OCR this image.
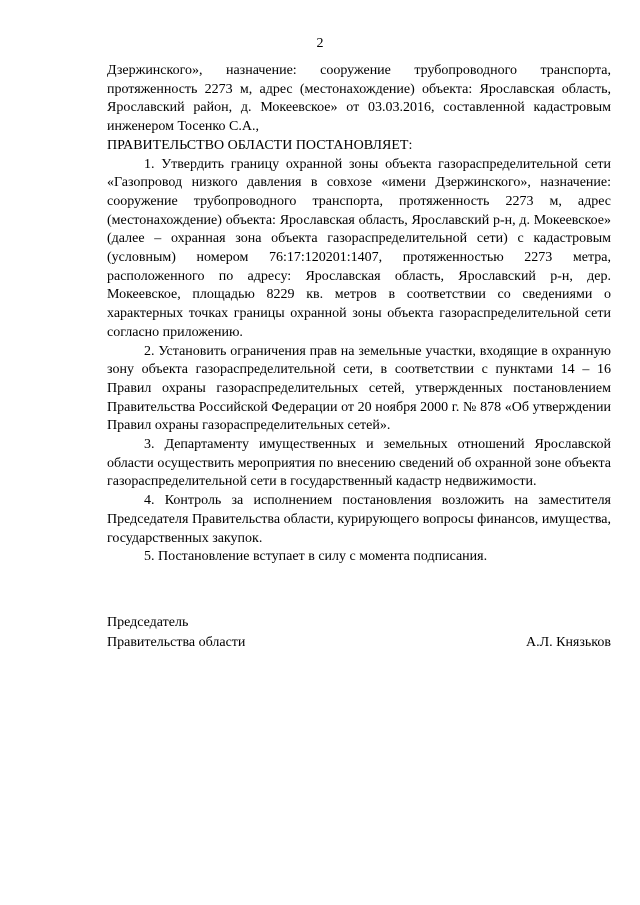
2

Дзержинского», назначение: сооружение трубопроводного транспорта, протяженность 2273 м, адрес (местонахождение) объекта: Ярославская область, Ярославский район, д. Мокеевское» от 03.03.2016, составленной кадастровым инженером Тосенко С.А.,

ПРАВИТЕЛЬСТВО ОБЛАСТИ ПОСТАНОВЛЯЕТ:

1. Утвердить границу охранной зоны объекта газораспределительной сети «Газопровод низкого давления в совхозе «имени Дзержинского», назначение: сооружение трубопроводного транспорта, протяженность 2273 м, адрес (местонахождение) объекта: Ярославская область, Ярославский р-н, д. Мокеевское» (далее – охранная зона объекта газораспределительной сети) с кадастровым (условным) номером 76:17:120201:1407, протяженностью 2273 метра, расположенного по адресу: Ярославская область, Ярославский р-н, дер. Мокеевское, площадью 8229 кв. метров в соответствии со сведениями о характерных точках границы охранной зоны объекта газораспределительной сети согласно приложению.

2. Установить ограничения прав на земельные участки, входящие в охранную зону объекта газораспределительной сети, в соответствии с пунктами 14 – 16 Правил охраны газораспределительных сетей, утвержденных постановлением Правительства Российской Федерации от 20 ноября 2000 г. № 878 «Об утверждении Правил охраны газораспределительных сетей».

3. Департаменту имущественных и земельных отношений Ярославской области осуществить мероприятия по внесению сведений об охранной зоне объекта газораспределительной сети в государственный кадастр недвижимости.

4. Контроль за исполнением постановления возложить на заместителя Председателя Правительства области, курирующего вопросы финансов, имущества, государственных закупок.

5. Постановление вступает в силу с момента подписания.

Председатель
Правительства области	А.Л. Князьков
